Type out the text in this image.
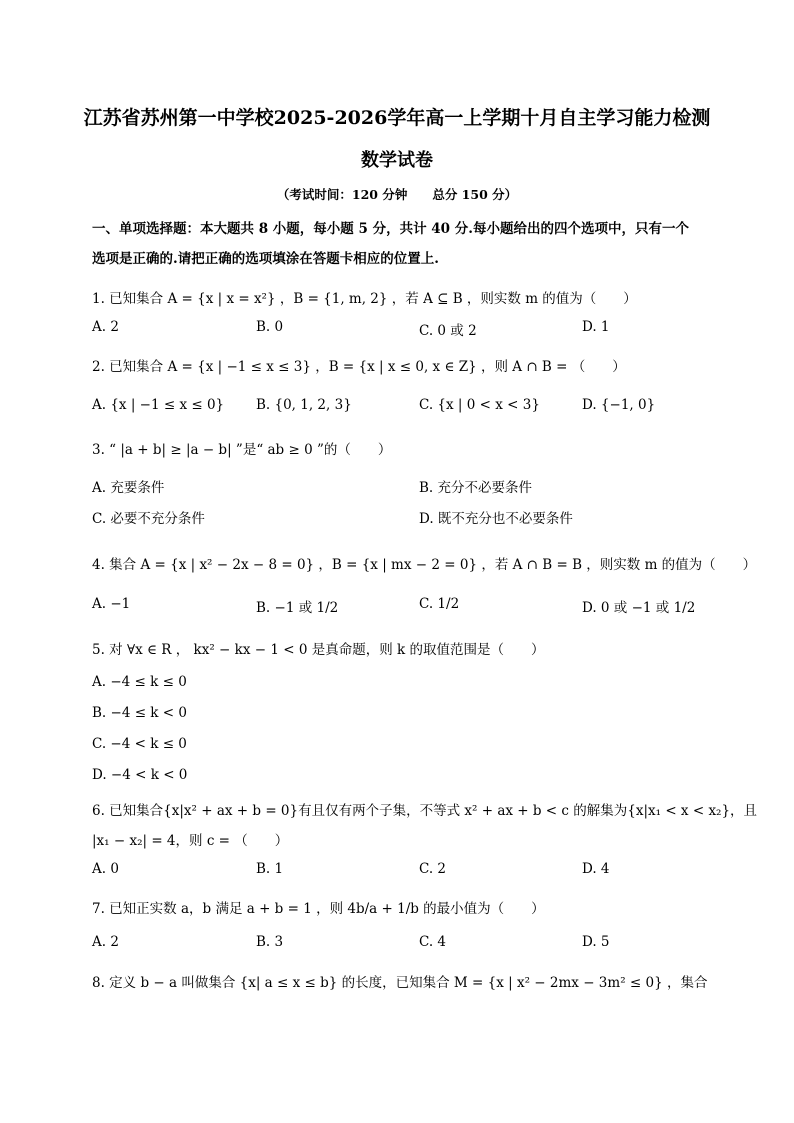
江苏省苏州第一中学校2025-2026学年高一上学期十月自主学习能力检测
数学试卷
（考试时间：120 分钟　　总分 150 分）
一、单项选择题：本大题共 8 小题，每小题 5 分，共计 40 分.每小题给出的四个选项中，只有一个
选项是正确的.请把正确的选项填涂在答题卡相应的位置上.
1. 已知集合 A = {x | x = x²} ，B = {1, m, 2} ，若 A ⊆ B ，则实数 m 的值为（　　）
A. 2	B. 0	C. 0 或 2	D. 1
2. 已知集合 A = {x | −1 ≤ x ≤ 3} ，B = {x | x ≤ 0, x ∈ Z} ，则 A ∩ B = （　　）
A. {x | −1 ≤ x ≤ 0} B. {0, 1, 2, 3}	C. {x | 0 < x < 3}	D. {−1, 0}
3. “ |a + b| ≥ |a − b| ”是“ ab ≥ 0 ”的（　　）
A. 充要条件	B. 充分不必要条件
C. 必要不充分条件	D. 既不充分也不必要条件
4. 集合 A = {x | x² − 2x − 8 = 0} ，B = {x | mx − 2 = 0} ，若 A ∩ B = B ，则实数 m 的值为（　　）
A. −1	B. −1 或 1/2	C. 1/2	D. 0 或 −1 或 1/2
5. 对 ∀x ∈ R ， kx² − kx − 1 < 0 是真命题，则 k 的取值范围是（　　）
A. −4 ≤ k ≤ 0
B. −4 ≤ k < 0
C. −4 < k ≤ 0
D. −4 < k < 0
6. 已知集合{x|x² + ax + b = 0}有且仅有两个子集，不等式 x² + ax + b < c 的解集为{x|x₁ < x < x₂}，且
|x₁ − x₂| = 4，则 c = （　　）
A. 0	B. 1	C. 2	D. 4
7. 已知正实数 a，b 满足 a + b = 1 ，则 4b/a + 1/b 的最小值为（　　）
A. 2	B. 3	C. 4	D. 5
8. 定义 b − a 叫做集合 {x| a ≤ x ≤ b} 的长度，已知集合 M = {x | x² − 2mx − 3m² ≤ 0} ，集合
